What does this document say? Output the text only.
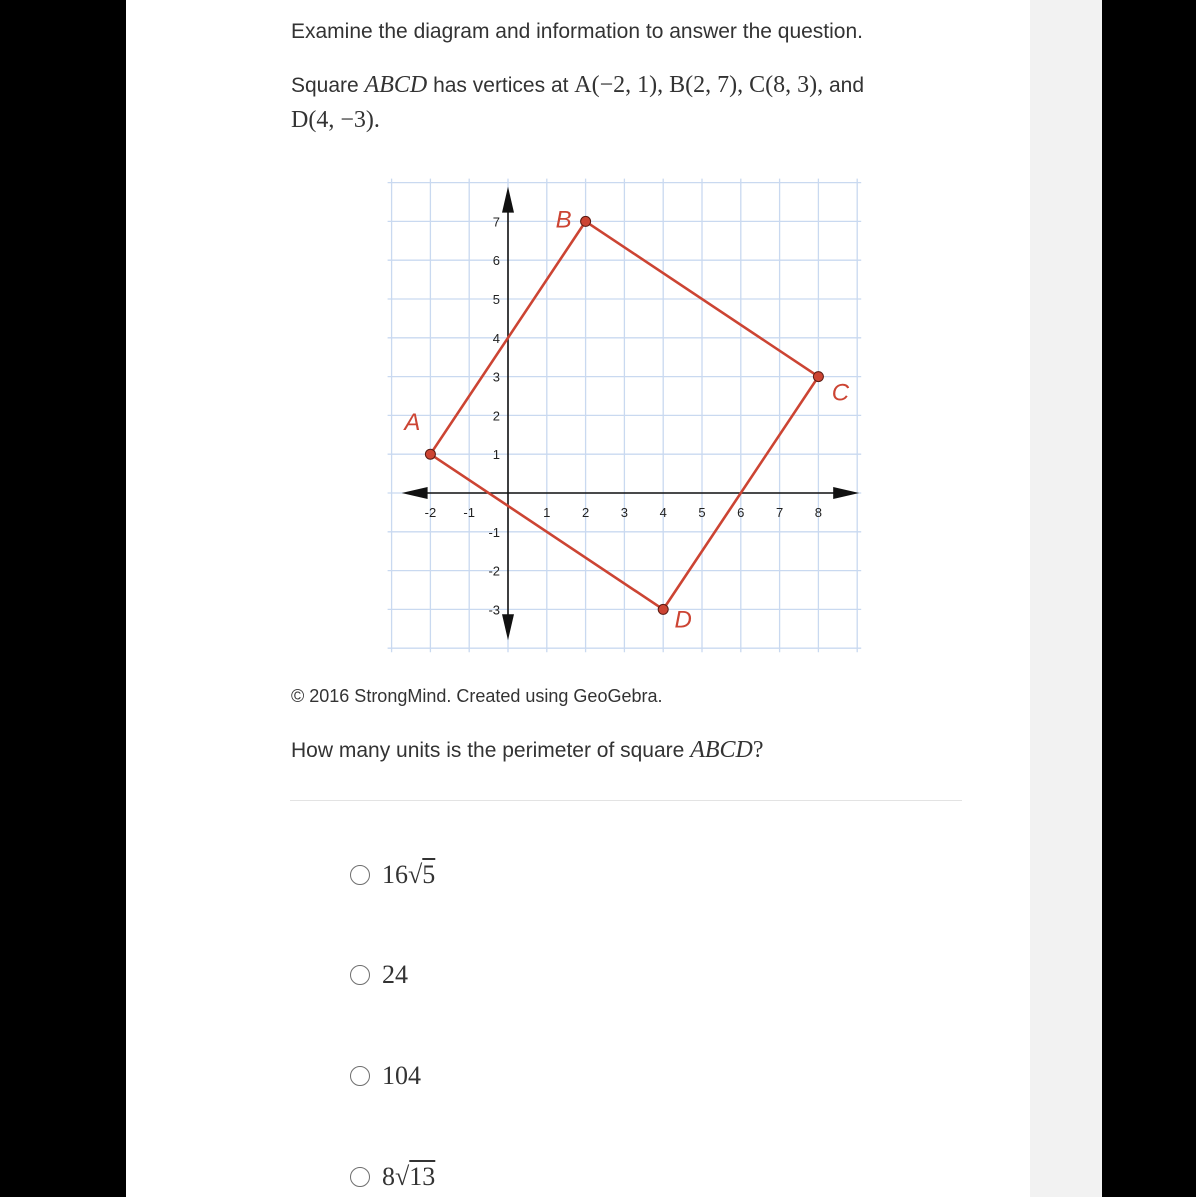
Examine the diagram and information to answer the question.
Square ABCD has vertices at A(−2, 1), B(2, 7), C(8, 3), and
D(4, −3).
-2 -1	1 2 3 4 5 6 7 8
7
6
5
4
3
2
1
-1
-2
-3
A
B
C
D
© 2016 StrongMind. Created using GeoGebra.
How many units is the perimeter of square ABCD?
16√5
24
104
8√13
